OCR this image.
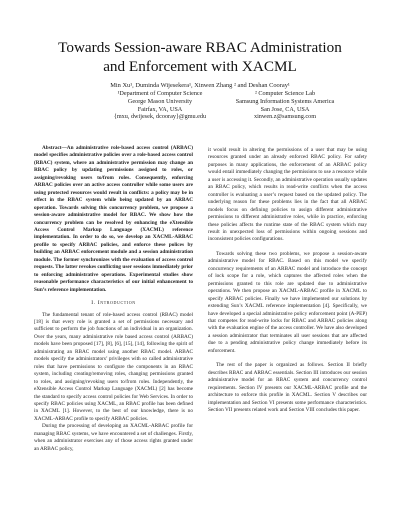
Towards Session-aware RBAC Administration
and Enforcement with XACML
Min Xu¹, Duminda Wijesekera¹, Xinwen Zhang ² and Deshan Cooray¹
¹Department of Computer Science
George Mason University
Fairfax, VA, USA
{mxu, dwijesek, dcooray}@gmu.edu
² Computer Science Lab
Samsung Information Systems America
San Jose, CA, USA
xinwen.z@samsung.com

Abstract—An administrative role-based access control (ARBAC) model specifies administrative policies over a role-based access control (RBAC) system, where an administrative permission may change an RBAC policy by updating permissions assigned to roles, or assigning/revoking users to/from roles. Consequently, enforcing ARBAC policies over an active access controller while some users are using protected resources would result in conflicts: a policy may be in effect in the RBAC system while being updated by an ARBAC operation. Towards solving this concurrency problem, we propose a session-aware administrative model for RBAC. We show how the concurrency problem can be resolved by enhancing the eXtensible Access Control Markup Language (XACML) reference implementation. In order to do so, we develop an XACML-ARBAC profile to specify ARBAC policies, and enforce these polices by building an ARBAC enforcement module and a session administration module. The former synchronizes with the evaluation of access control requests. The latter revokes conflicting user sessions immediately prior to enforcing administrative operations. Experimental studies show reasonable performance characteristics of our initial enhancement to Sun’s reference implementation.

I. Introduction

The fundamental tenant of role-based access control (RBAC) model [18] is that every role is granted a set of permissions necessary and sufficient to perform the job functions of an individual in an organization. Over the years, many administrative role based access control (ARBAC) models have been proposed [17], [8], [6], [15], [14], following the spirit of administrating an RBAC model using another RBAC model. ARBAC models specify the administrators’ privileges with so called administrative roles that have permissions to configure the components in an RBAC system, including creating/removing roles, changing permissions granted to roles, and assigning/revoking users to/from roles. Independently, the eXtensible Access Control Markup Language (XACML) [2] has become the standard to specify access control policies for Web Services. In order to specify RBAC policies using XACML, an RBAC profile has been defined in XACML [1]. However, to the best of our knowledge, there is no XACML-ARBAC profile to specify ARBAC policies.

During the processing of developing an XACML-ARBAC profile for managing RBAC systems, we have encountered a set of challenges. Firstly, when an administrator exercises any of those access rights granted under an ARBAC policy,

it would result in altering the permissions of a user that may be using resources granted under an already enforced RBAC policy. For safety purposes in many applications, the enforcement of an ARBAC policy would entail immediately changing the permissions to use a resource while a user is accessing it. Secondly, an administrative operation usually updates an RBAC policy, which results in read-write conflicts when the access controller is evaluating a user’s request based on the updated policy. The underlying reason for these problems lies in the fact that all ARBAC models focus on defining policies to assign different administrative permissions to different administrative roles, while in practice, enforcing these policies affects the runtime state of the RBAC system which may result in unexpected loss of permissions within ongoing sessions and inconsistent policies configurations.

Towards solving these two problems, we propose a session-aware administrative model for RBAC. Based on this model we specify concurrency requirements of an ARBAC model and introduce the concept of lock scope for a role, which captures the affected roles when the permissions granted to this role are updated due to administrative operations. We then propose an XACML-ARBAC profile in XACML to specify ARBAC policies. Finally we have implemented our solutions by extending Sun’s XACML reference implementation [4]. Specifically, we have developed a special administrative policy enforcement point (A-PEP) that competes for read-write locks for RBAC and ARBAC policies along with the evaluation engine of the access controller. We have also developed a session administrator that terminates all user sessions that are affected due to a pending administrative policy change immediately before its enforcement.

The rest of the paper is organized as follows. Section II briefly describes RBAC and ARBAC essentials. Section III introduces our session administrative model for an RBAC system and concurrency control requirements. Section IV presents our XACML-ARBAC profile and the architecture to enforce this profile in XACML. Section V describes our implementation and Section VI presents some performance characteristics. Section VII presents related work and Section VIII concludes this paper.
